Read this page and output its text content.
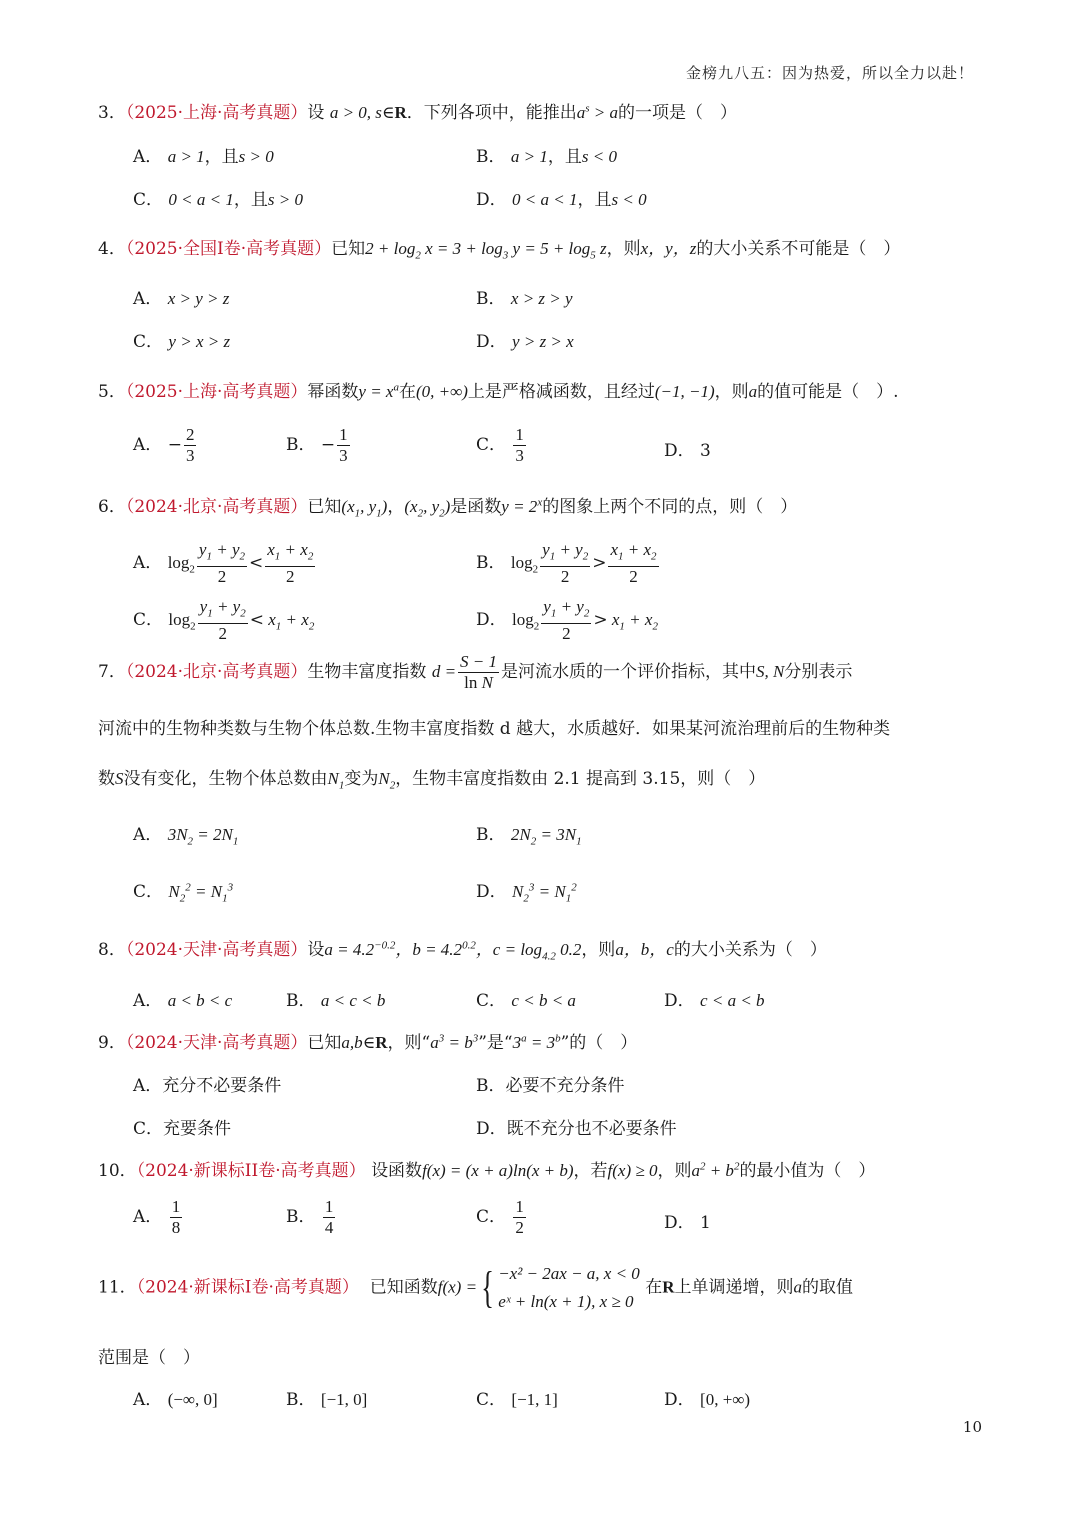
金榜九八五：因为热爱，所以全力以赴！
3．（2025·上海·高考真题）设 a > 0, s∈R．下列各项中，能推出$a^s > a$的一项是（　）
A． a > 1，且s > 0	B． a > 1，且s < 0
C． 0 < a < 1，且s > 0	D． 0 < a < 1，且s < 0
4．（2025·全国I卷·高考真题）已知$2 + \log_2 x = 3 + \log_3 y = 5 + \log_5 z$，则x，y，z的大小关系不可能是（　）
A． x > y > z	B． x > z > y
C． y > x > z	D． y > z > x
5．（2025·上海·高考真题）幂函数$y = x^a$在(0, +∞)上是严格减函数，且经过(−1, −1)，则a的值可能是（　）.
A． − $\frac{2}{3}$	B． − $\frac{1}{3}$	C． $\frac{1}{3}$	D． 3
6．（2024·北京·高考真题）已知($x_1$, $y_1$)，($x_2$, $y_2$)是函数$y = 2^x$的图象上两个不同的点，则（　）
A． $\log_2 \frac{y_1 + y_2}{2} < \frac{x_1 + x_2}{2}$	B． $\log_2 \frac{y_1 + y_2}{2} > \frac{x_1 + x_2}{2}$
C． $\log_2 \frac{y_1 + y_2}{2} < x_1 + x_2$	D． $\log_2 \frac{y_1 + y_2}{2} > x_1 + x_2$
7．（2024·北京·高考真题）生物丰富度指数 $d = \frac{S - 1}{\text{ln N}}$ 是河流水质的一个评价指标，其中S, N分别表示
河流中的生物种类数与生物个体总数.生物丰富度指数 d 越大，水质越好．如果某河流治理前后的生物种类
数S没有变化，生物个体总数由$N_1$变为$N_2$，生物丰富度指数由 2.1 提高到 3.15，则（　）
A． $3N_2 = 2N_1$	B． $2N_2 = 3N_1$
C． $N_2^2 = N_1^3$	D． $N_2^3 = N_1^2$
8．（2024·天津·高考真题）设$a = 4.2^{-0.2}$，$b = 4.2^{0.2}$，$c = \log_{4.2} 0.2$，则a，b，c的大小关系为（　）
A． a < b < c	B． a < c < b	C． c < b < a	D． c < a < b
9．（2024·天津·高考真题）已知a,b∈R，则“$a^3 = b^3$”是“$3^a = 3^b$”的（　）
A．充分不必要条件	B．必要不充分条件
C．充要条件	D．既不充分也不必要条件
10．（2024·新课标II卷·高考真题） 设函数f(x) = (x + a)ln(x + b)，若f(x) ≥ 0，则$a^2 + b^2$的最小值为（　）
A． $\frac{1}{8}$	B． $\frac{1}{4}$	C． $\frac{1}{2}$	D． 1
11．（2024·新课标I卷·高考真题） 已知函数f(x) ={ −x² − 2ax − a, x < 0
eˣ + ln(x + 1), x ≥ 0
在R上单调递增，则a的取值
范围是（　）
A． (−∞, 0]	B． [−1, 0]	C． [−1, 1]	D． [0, +∞)
10
